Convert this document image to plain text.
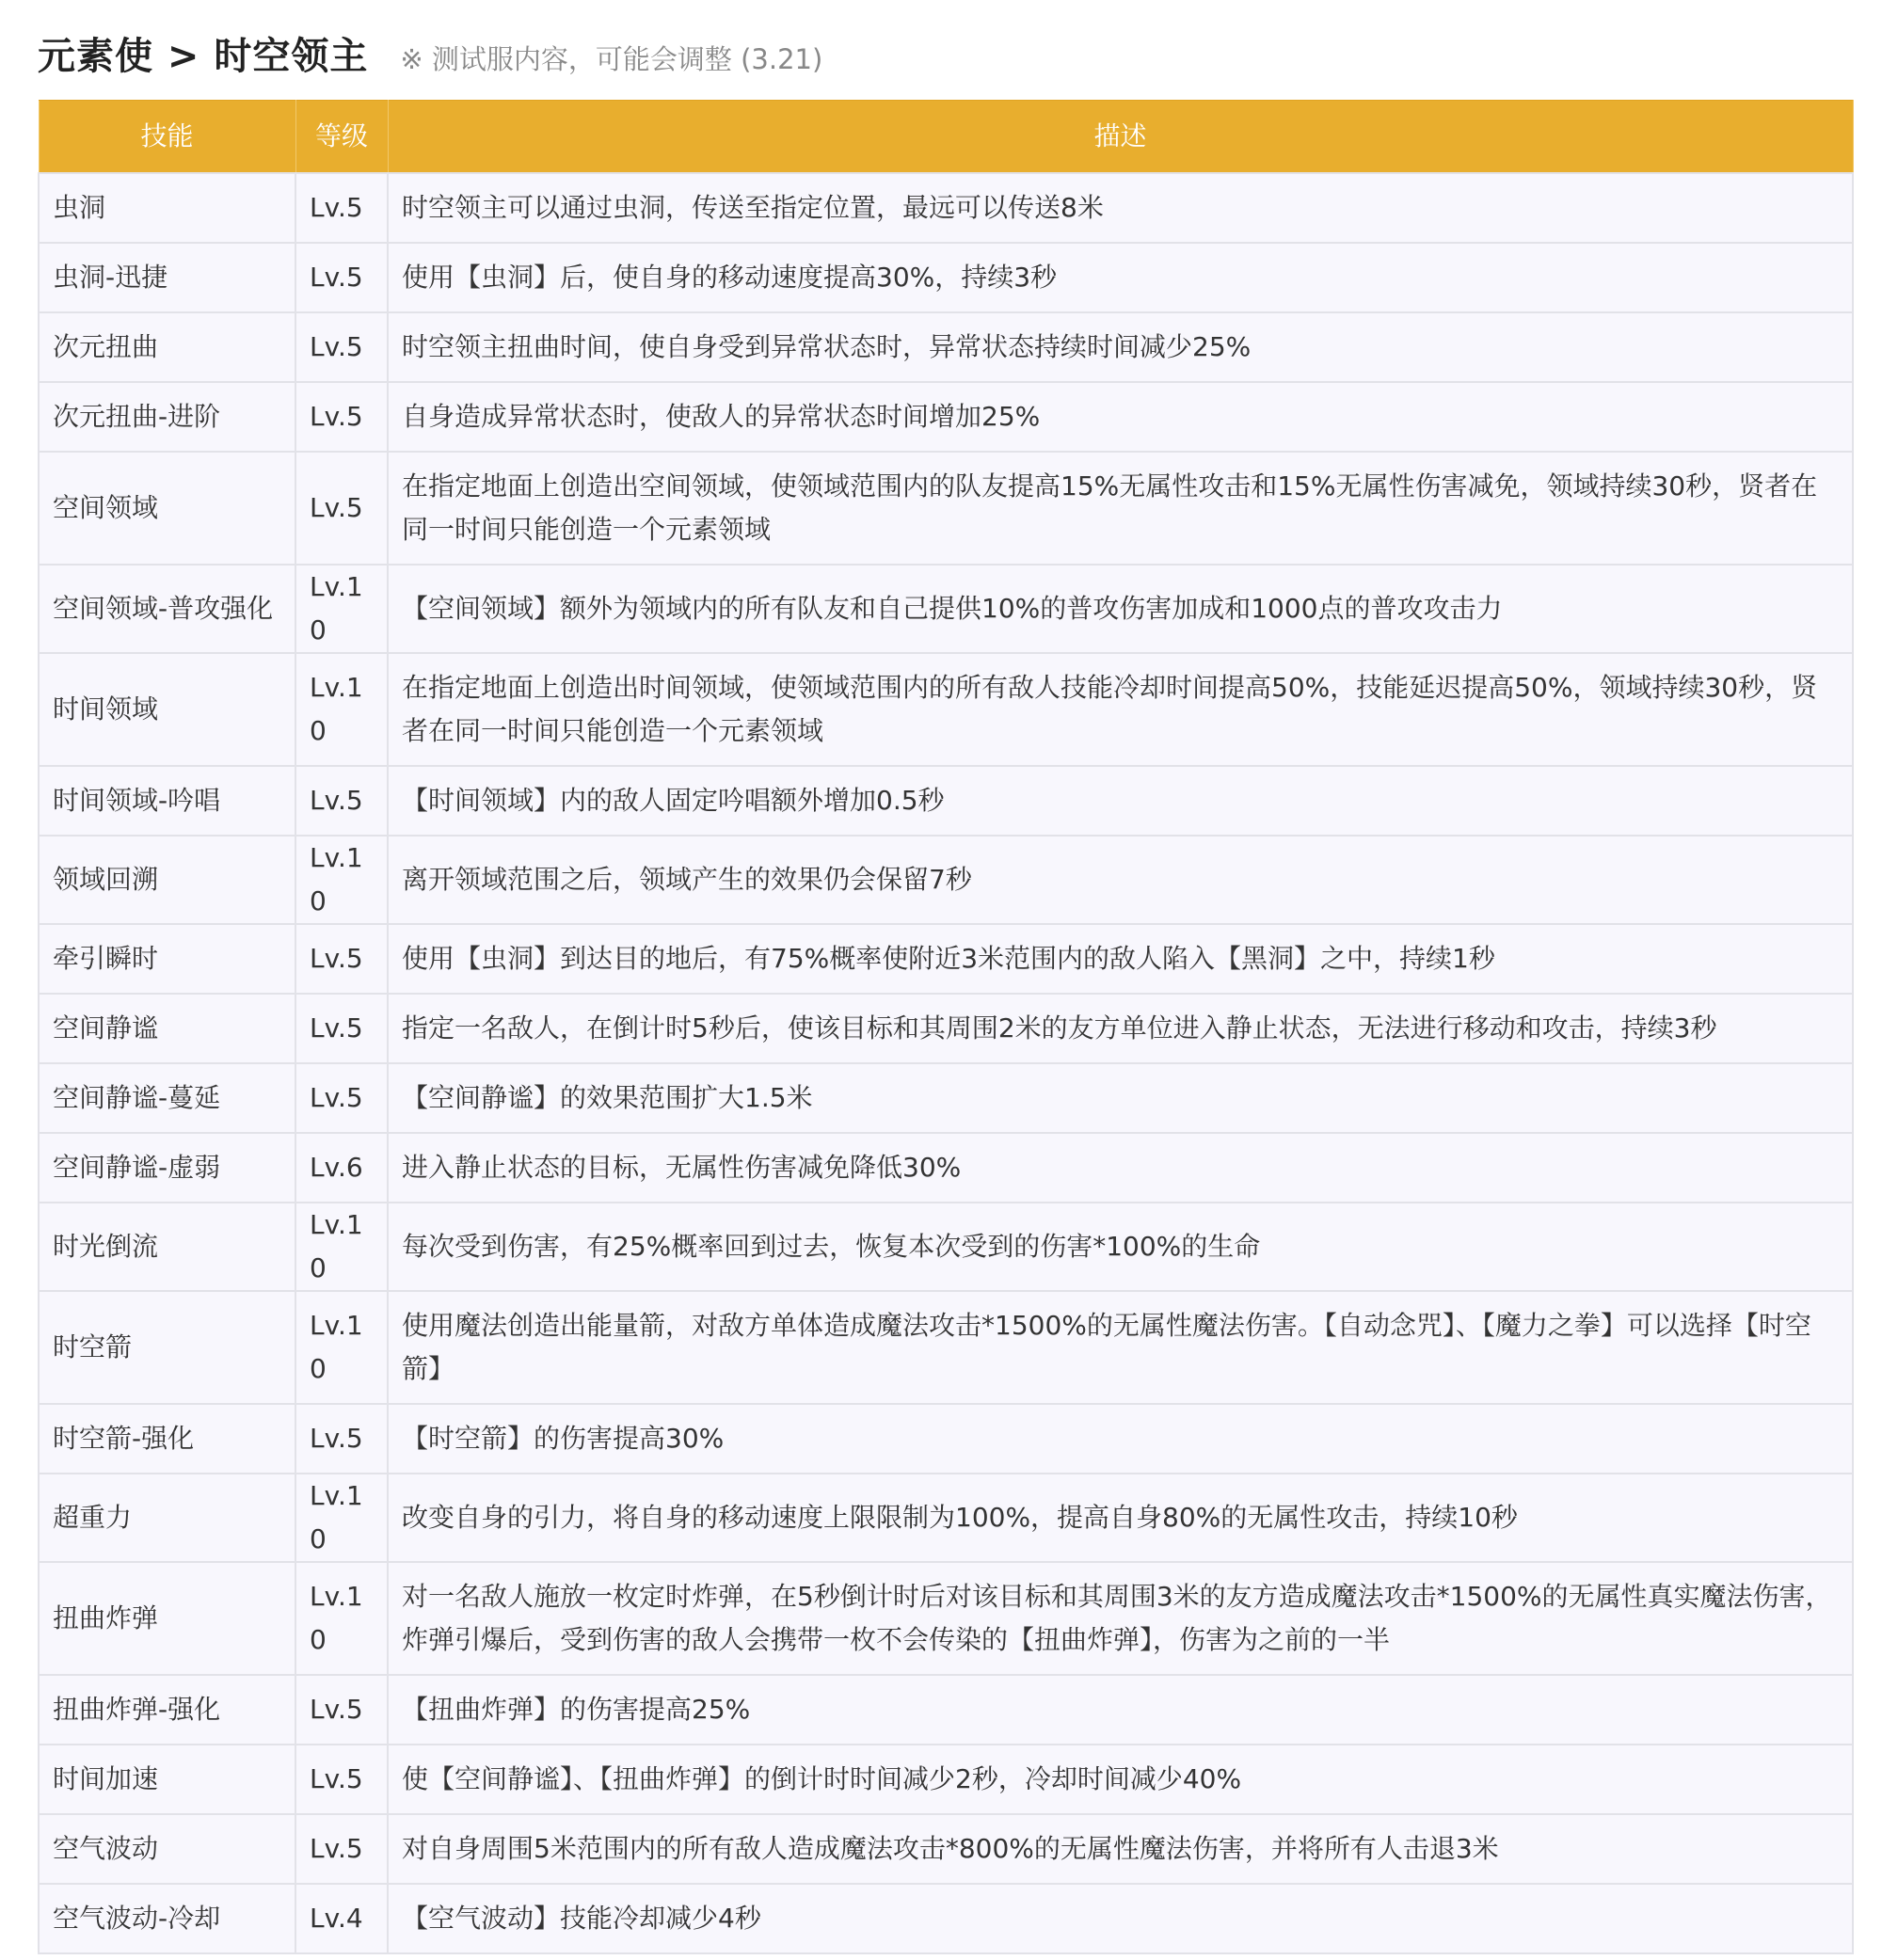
元素使 > 时空领主 ※ 测试服内容，可能会调整 (3.21)
技能	等级	描述
虫洞	Lv.5	时空领主可以通过虫洞，传送至指定位置，最远可以传送8米
虫洞-迅捷	Lv.5	使用【虫洞】后，使自身的移动速度提高30%，持续3秒
次元扭曲	Lv.5	时空领主扭曲时间，使自身受到异常状态时，异常状态持续时间减少25%
次元扭曲-进阶	Lv.5	自身造成异常状态时，使敌人的异常状态时间增加25%
空间领域	Lv.5	在指定地面上创造出空间领域，使领域范围内的队友提高15%无属性攻击和15%无属性伤害减免，领域持续30秒，贤者在同一时间只能创造一个元素领域
空间领域-普攻强化	Lv.10	【空间领域】额外为领域内的所有队友和自己提供10%的普攻伤害加成和1000点的普攻攻击力
时间领域	Lv.10	在指定地面上创造出时间领域，使领域范围内的所有敌人技能冷却时间提高50%，技能延迟提高50%，领域持续30秒，贤者在同一时间只能创造一个元素领域
时间领域-吟唱	Lv.5	【时间领域】内的敌人固定吟唱额外增加0.5秒
领域回溯	Lv.10	离开领域范围之后，领域产生的效果仍会保留7秒
牵引瞬时	Lv.5	使用【虫洞】到达目的地后，有75%概率使附近3米范围内的敌人陷入【黑洞】之中，持续1秒
空间静谧	Lv.5	指定一名敌人，在倒计时5秒后，使该目标和其周围2米的友方单位进入静止状态，无法进行移动和攻击，持续3秒
空间静谧-蔓延	Lv.5	【空间静谧】的效果范围扩大1.5米
空间静谧-虚弱	Lv.6	进入静止状态的目标，无属性伤害减免降低30%
时光倒流	Lv.10	每次受到伤害，有25%概率回到过去，恢复本次受到的伤害*100%的生命
时空箭	Lv.10	使用魔法创造出能量箭，对敌方单体造成魔法攻击*1500%的无属性魔法伤害。【自动念咒】、【魔力之拳】可以选择【时空箭】
时空箭-强化	Lv.5	【时空箭】的伤害提高30%
超重力	Lv.10	改变自身的引力，将自身的移动速度上限限制为100%，提高自身80%的无属性攻击，持续10秒
扭曲炸弹	Lv.10	对一名敌人施放一枚定时炸弹，在5秒倒计时后对该目标和其周围3米的友方造成魔法攻击*1500%的无属性真实魔法伤害，炸弹引爆后，受到伤害的敌人会携带一枚不会传染的【扭曲炸弹】，伤害为之前的一半
扭曲炸弹-强化	Lv.5	【扭曲炸弹】的伤害提高25%
时间加速	Lv.5	使【空间静谧】、【扭曲炸弹】的倒计时时间减少2秒，冷却时间减少40%
空气波动	Lv.5	对自身周围5米范围内的所有敌人造成魔法攻击*800%的无属性魔法伤害，并将所有人击退3米
空气波动-冷却	Lv.4	【空气波动】技能冷却减少4秒
